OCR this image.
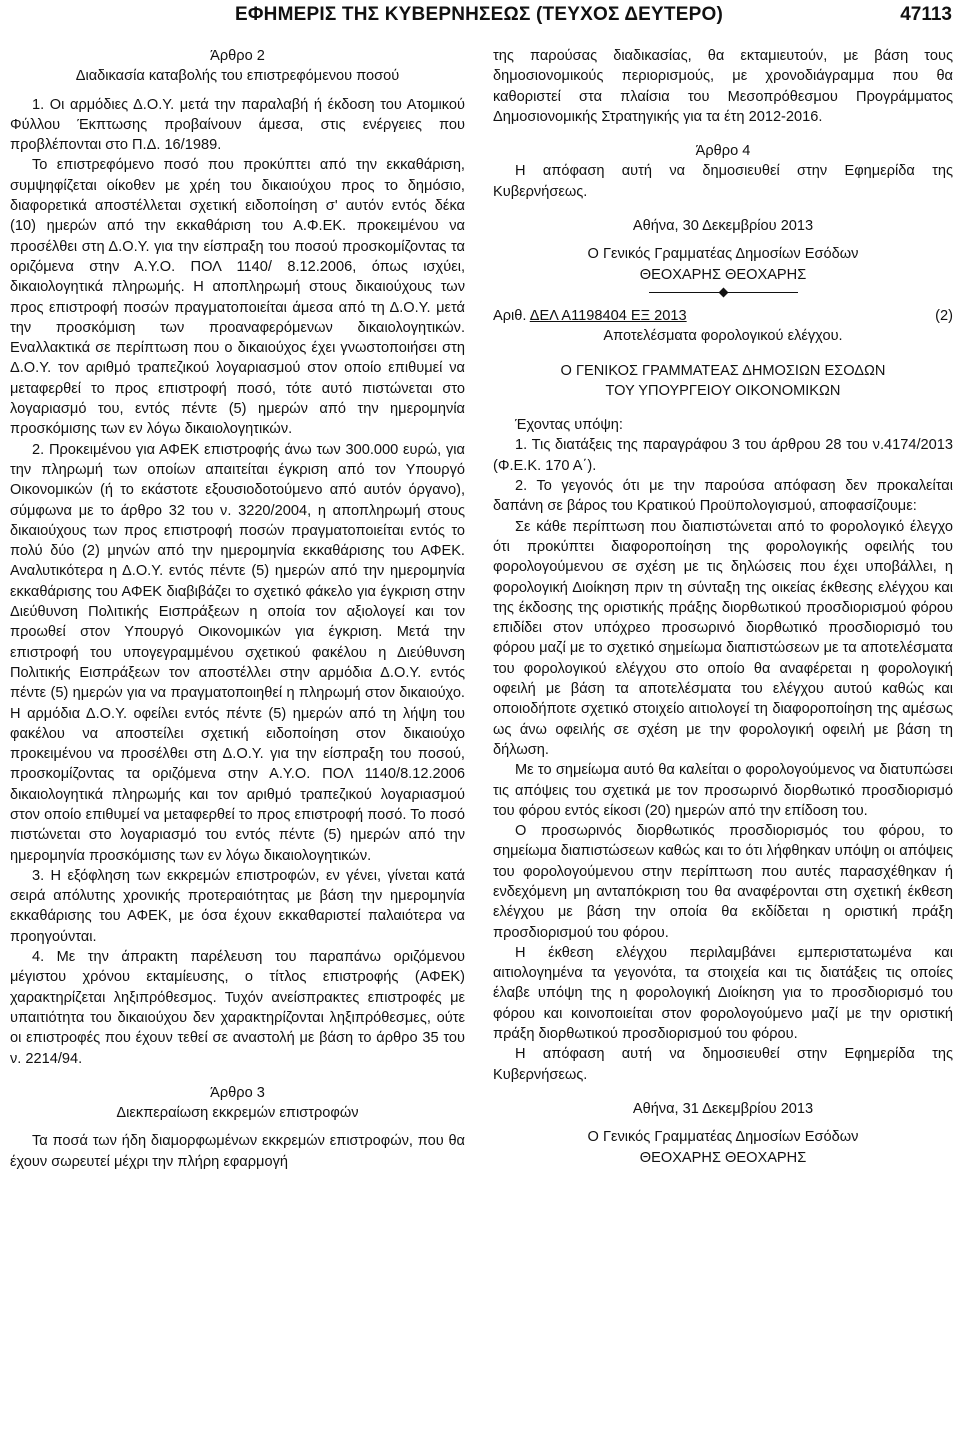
ΕΦΗΜΕΡΙΣ ΤΗΣ ΚΥΒΕΡΝΗΣΕΩΣ (ΤΕΥΧΟΣ ΔΕΥΤΕΡΟ)	47113
Άρθρο 2
Διαδικασία καταβολής του επιστρεφόμενου ποσού

1. Οι αρμόδιες Δ.Ο.Υ. μετά την παραλαβή ή έκδοση του Ατομικού Φύλλου Έκπτωσης προβαίνουν άμεσα, στις ενέργειες που προβλέπονται στο Π.Δ. 16/1989.

Το επιστρεφόμενο ποσό που προκύπτει από την εκκαθάριση, συμψηφίζεται οίκοθεν με χρέη του δικαιούχου προς το δημόσιο, διαφορετικά αποστέλλεται σχετική ειδοποίηση σ' αυτόν εντός δέκα (10) ημερών από την εκκαθάριση του Α.Φ.ΕΚ. προκειμένου να προσέλθει στη Δ.Ο.Υ. για την είσπραξη του ποσού προσκομίζοντας τα οριζόμενα στην Α.Υ.Ο. ΠΟΛ 1140/ 8.12.2006, όπως ισχύει, δικαιολογητικά πληρωμής. Η αποπληρωμή στους δικαιούχους των προς επιστροφή ποσών πραγματοποιείται άμεσα από τη Δ.Ο.Υ. μετά την προσκόμιση των προαναφερόμενων δικαιολογητικών. Εναλλακτικά σε περίπτωση που ο δικαιούχος έχει γνωστοποιήσει στη Δ.Ο.Υ. τον αριθμό τραπεζικού λογαριασμού στον οποίο επιθυμεί να μεταφερθεί το προς επιστροφή ποσό, τότε αυτό πιστώνεται στο λογαριασμό του, εντός πέντε (5) ημερών από την ημερομηνία προσκόμισης των εν λόγω δικαιολογητικών.

2. Προκειμένου για ΑΦΕΚ επιστροφής άνω των 300.000 ευρώ, για την πληρωμή των οποίων απαιτείται έγκριση από τον Υπουργό Οικονομικών (ή το εκάστοτε εξουσιοδοτούμενο από αυτόν όργανο), σύμφωνα με το άρθρο 32 του ν. 3220/2004, η αποπληρωμή στους δικαιούχους των προς επιστροφή ποσών πραγματοποιείται εντός το πολύ δύο (2) μηνών από την ημερομηνία εκκαθάρισης του ΑΦΕΚ. Αναλυτικότερα η Δ.Ο.Υ. εντός πέντε (5) ημερών από την ημερομηνία εκκαθάρισης του ΑΦΕΚ διαβιβάζει το σχετικό φάκελο για έγκριση στην Διεύθυνση Πολιτικής Εισπράξεων η οποία τον αξιολογεί και τον προωθεί στον Υπουργό Οικονομικών για έγκριση. Μετά την επιστροφή του υπογεγραμμένου σχετικού φακέλου η Διεύθυνση Πολιτικής Εισπράξεων τον αποστέλλει στην αρμόδια Δ.Ο.Υ. εντός πέντε (5) ημερών για να πραγματοποιηθεί η πληρωμή στον δικαιούχο. Η αρμόδια Δ.Ο.Υ. οφείλει εντός πέντε (5) ημερών από τη λήψη του φακέλου να αποστείλει σχετική ειδοποίηση στον δικαιούχο προκειμένου να προσέλθει στη Δ.Ο.Υ. για την είσπραξη του ποσού, προσκομίζοντας τα οριζόμενα στην Α.Υ.Ο. ΠΟΛ 1140/8.12.2006 δικαιολογητικά πληρωμής και τον αριθμό τραπεζικού λογαριασμού στον οποίο επιθυμεί να μεταφερθεί το προς επιστροφή ποσό. Το ποσό πιστώνεται στο λογαριασμό του εντός πέντε (5) ημερών από την ημερομηνία προσκόμισης των εν λόγω δικαιολογητικών.

3. Η εξόφληση των εκκρεμών επιστροφών, εν γένει, γίνεται κατά σειρά απόλυτης χρονικής προτεραιότητας με βάση την ημερομηνία εκκαθάρισης του ΑΦΕΚ, με όσα έχουν εκκαθαριστεί παλαιότερα να προηγούνται.

4. Με την άπρακτη παρέλευση του παραπάνω οριζόμενου μέγιστου χρόνου εκταμίευσης, ο τίτλος επιστροφής (ΑΦΕΚ) χαρακτηρίζεται ληξιπρόθεσμος. Τυχόν ανείσπρακτες επιστροφές με υπαιτιότητα του δικαιούχου δεν χαρακτηρίζονται ληξιπρόθεσμες, ούτε οι επιστροφές που έχουν τεθεί σε αναστολή με βάση το άρθρο 35 του ν. 2214/94.

Άρθρο 3
Διεκπεραίωση εκκρεμών επιστροφών

Τα ποσά των ήδη διαμορφωμένων εκκρεμών επιστροφών, που θα έχουν σωρευτεί μέχρι την πλήρη εφαρμογή

της παρούσας διαδικασίας, θα εκταμιευτούν, με βάση τους δημοσιονομικούς περιορισμούς, με χρονοδιάγραμμα που θα καθοριστεί στα πλαίσια του Μεσοπρόθεσμου Προγράμματος Δημοσιονομικής Στρατηγικής για τα έτη 2012-2016.

Άρθρο 4

Η απόφαση αυτή να δημοσιευθεί στην Εφημερίδα της Κυβερνήσεως.

Αθήνα, 30 Δεκεμβρίου 2013
Ο Γενικός Γραμματέας Δημοσίων Εσόδων
ΘΕΟΧΑΡΗΣ ΘΕΟΧΑΡΗΣ
Αριθ. ΔΕΛ Α1198404 ΕΞ 2013	(2)
Αποτελέσματα φορολογικού ελέγχου.
Ο ΓΕΝΙΚΟΣ ΓΡΑΜΜΑΤΕΑΣ ΔΗΜΟΣΙΩΝ ΕΣΟΔΩΝ
ΤΟΥ ΥΠΟΥΡΓΕΙΟΥ ΟΙΚΟΝΟΜΙΚΩΝ

Έχοντας υπόψη:

1. Τις διατάξεις της παραγράφου 3 του άρθρου 28 του ν.4174/2013 (Φ.Ε.Κ. 170 Α΄).

2. Το γεγονός ότι με την παρούσα απόφαση δεν προκαλείται δαπάνη σε βάρος του Κρατικού Προϋπολογισμού, αποφασίζουμε:

Σε κάθε περίπτωση που διαπιστώνεται από το φορολογικό έλεγχο ότι προκύπτει διαφοροποίηση της φορολογικής οφειλής του φορολογούμενου σε σχέση με τις δηλώσεις που έχει υποβάλλει, η φορολογική Διοίκηση πριν τη σύνταξη της οικείας έκθεσης ελέγχου και της έκδοσης της οριστικής πράξης διορθωτικού προσδιορισμού φόρου επιδίδει στον υπόχρεο προσωρινό διορθωτικό προσδιορισμό του φόρου μαζί με το σχετικό σημείωμα διαπιστώσεων με τα αποτελέσματα του φορολογικού ελέγχου στο οποίο θα αναφέρεται η φορολογική οφειλή με βάση τα αποτελέσματα του ελέγχου αυτού καθώς και οποιοδήποτε σχετικό στοιχείο αιτιολογεί τη διαφοροποίηση της αμέσως ως άνω οφειλής σε σχέση με την φορολογική οφειλή με βάση τη δήλωση.

Με το σημείωμα αυτό θα καλείται ο φορολογούμενος να διατυπώσει τις απόψεις του σχετικά με τον προσωρινό διορθωτικό προσδιορισμό του φόρου εντός είκοσι (20) ημερών από την επίδοση του.

Ο προσωρινός διορθωτικός προσδιορισμός του φόρου, το σημείωμα διαπιστώσεων καθώς και το ότι λήφθηκαν υπόψη οι απόψεις του φορολογούμενου στην περίπτωση που αυτές παρασχέθηκαν ή ενδεχόμενη μη ανταπόκριση του θα αναφέρονται στη σχετική έκθεση ελέγχου με βάση την οποία θα εκδίδεται η οριστική πράξη προσδιορισμού του φόρου.

Η έκθεση ελέγχου περιλαμβάνει εμπεριστατωμένα και αιτιολογημένα τα γεγονότα, τα στοιχεία και τις διατάξεις τις οποίες έλαβε υπόψη της η φορολογική Διοίκηση για το προσδιορισμό του φόρου και κοινοποιείται στον φορολογούμενο μαζί με την οριστική πράξη διορθωτικού προσδιορισμού του φόρου.

Η απόφαση αυτή να δημοσιευθεί στην Εφημερίδα της Κυβερνήσεως.

Αθήνα, 31 Δεκεμβρίου 2013
Ο Γενικός Γραμματέας Δημοσίων Εσόδων
ΘΕΟΧΑΡΗΣ ΘΕΟΧΑΡΗΣ
